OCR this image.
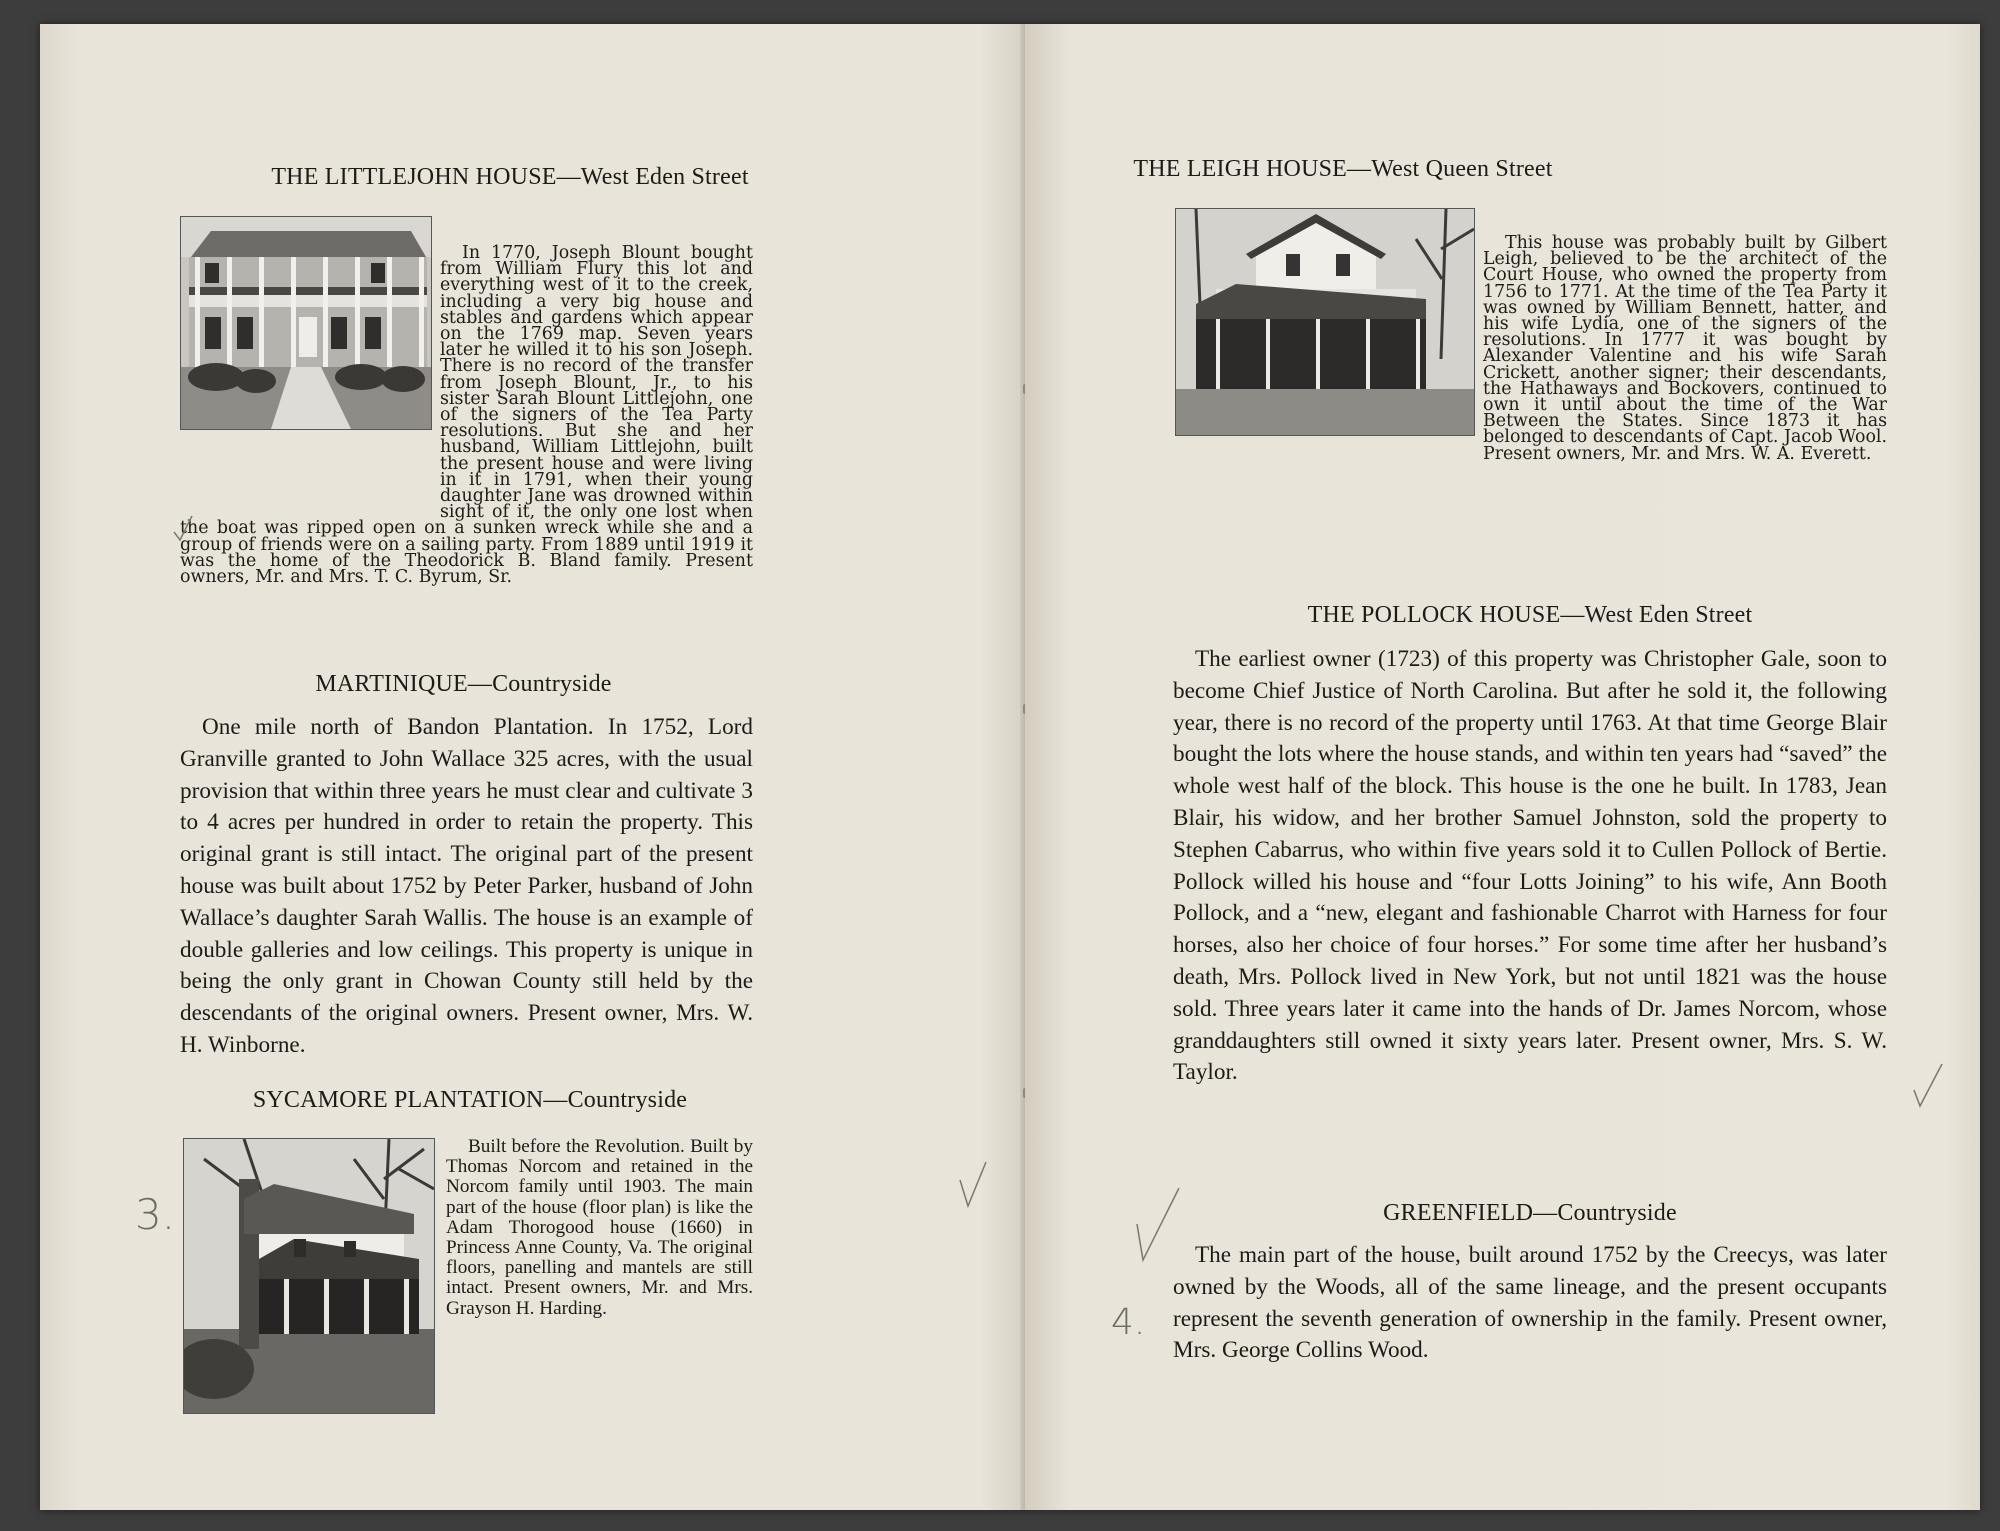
THE LITTLEJOHN HOUSE—West Eden Street
In 1770, Joseph Blount bought from William Flury this lot and everything west of it to the creek, including a very big house and stables and gardens which appear on the 1769 map. Seven years later he willed it to his son Joseph. There is no record of the transfer from Joseph Blount, Jr., to his sister Sarah Blount Littlejohn, one of the signers of the Tea Party resolutions. But she and her husband, William Littlejohn, built the present house and were living in it in 1791, when their young daughter Jane was drowned within sight of it, the only one lost when the boat was ripped open on a sunken wreck while she and a group of friends were on a sailing party. From 1889 until 1919 it was the home of the Theodorick B. Bland family. Present owners, Mr. and Mrs. T. C. Byrum, Sr.
MARTINIQUE—Countryside

One mile north of Bandon Plantation. In 1752, Lord Granville granted to John Wallace 325 acres, with the usual provision that within three years he must clear and cultivate 3 to 4 acres per hundred in order to retain the property. This original grant is still intact. The original part of the present house was built about 1752 by Peter Parker, husband of John Wallace’s daughter Sarah Wallis. The house is an example of double galleries and low ceilings. This property is unique in being the only grant in Chowan County still held by the descendants of the original owners. Present owner, Mrs. W. H. Winborne.

SYCAMORE PLANTATION—Countryside
Built before the Revolution. Built by Thomas Norcom and retained in the Norcom family until 1903. The main part of the house (floor plan) is like the Adam Thorogood house (1660) in Princess Anne County, Va. The original floors, panelling and mantels are still intact. Present owners, Mr. and Mrs. Grayson H. Harding.
3.
THE LEIGH HOUSE—West Queen Street
This house was probably built by Gilbert Leigh, believed to be the architect of the Court House, who owned the property from 1756 to 1771. At the time of the Tea Party it was owned by William Bennett, hatter, and his wife Lydia, one of the signers of the resolutions. In 1777 it was bought by Alexander Valentine and his wife Sarah Crickett, another signer; their descendants, the Hathaways and Bockovers, continued to own it until about the time of the War Between the States. Since 1873 it has belonged to descendants of Capt. Jacob Wool. Present owners, Mr. and Mrs. W. A. Everett.
THE POLLOCK HOUSE—West Eden Street

The earliest owner (1723) of this property was Christopher Gale, soon to become Chief Justice of North Carolina. But after he sold it, the following year, there is no record of the property until 1763. At that time George Blair bought the lots where the house stands, and within ten years had “saved” the whole west half of the block. This house is the one he built. In 1783, Jean Blair, his widow, and her brother Samuel Johnston, sold the property to Stephen Cabarrus, who within five years sold it to Cullen Pollock of Bertie. Pollock willed his house and “four Lotts Joining” to his wife, Ann Booth Pollock, and a “new, elegant and fashionable Charrot with Harness for four horses, also her choice of four horses.” For some time after her husband’s death, Mrs. Pollock lived in New York, but not until 1821 was the house sold. Three years later it came into the hands of Dr. James Norcom, whose granddaughters still owned it sixty years later. Present owner, Mrs. S. W. Taylor.

GREENFIELD—Countryside

The main part of the house, built around 1752 by the Creecys, was later owned by the Woods, all of the same lineage, and the present occupants represent the seventh generation of ownership in the family. Present owner, Mrs. George Collins Wood.

4.
